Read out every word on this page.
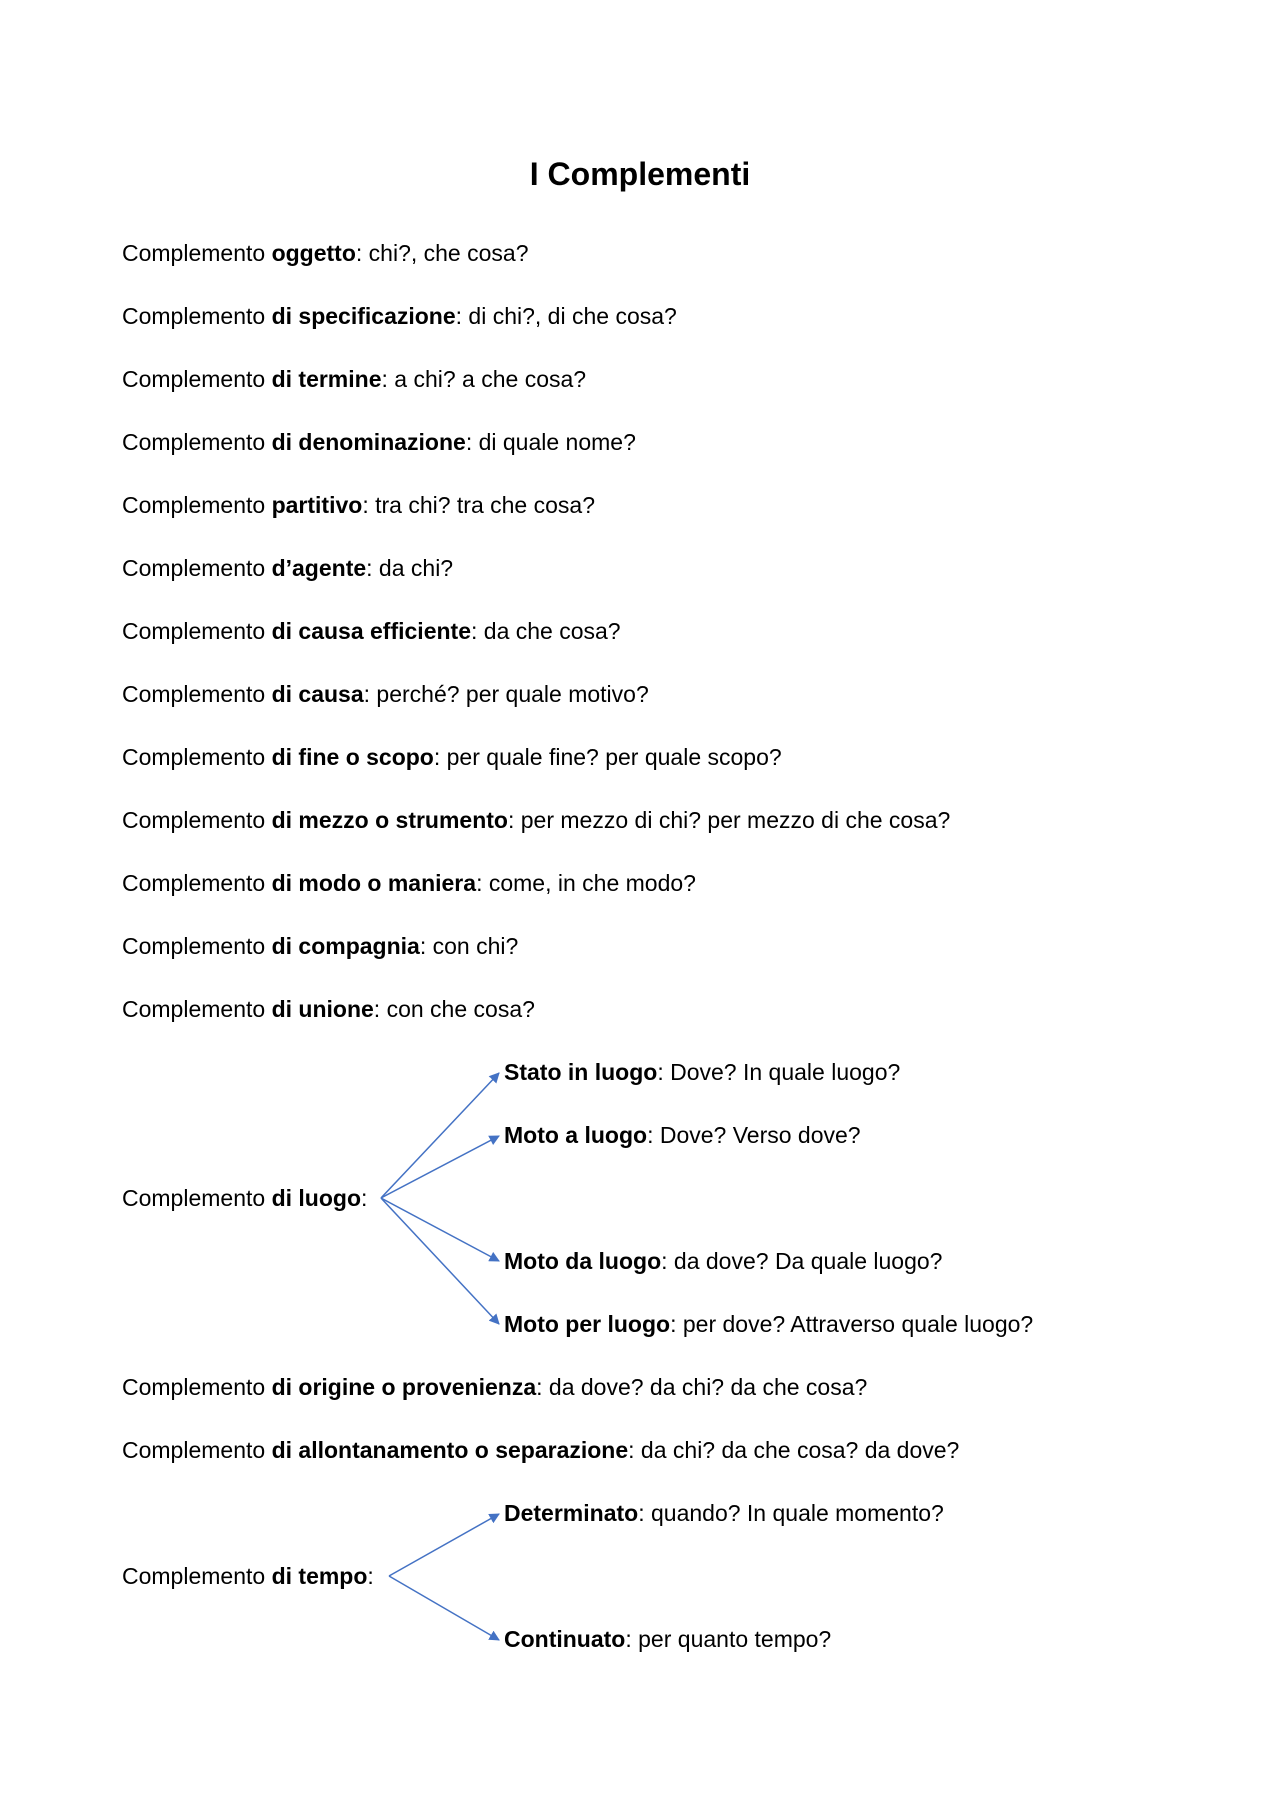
I Complementi
Complemento oggetto: chi?, che cosa?
Complemento di specificazione: di chi?, di che cosa?
Complemento di termine: a chi? a che cosa?
Complemento di denominazione: di quale nome?
Complemento partitivo: tra chi? tra che cosa?
Complemento d’agente: da chi?
Complemento di causa efficiente: da che cosa?
Complemento di causa: perché? per quale motivo?
Complemento di fine o scopo: per quale fine? per quale scopo?
Complemento di mezzo o strumento: per mezzo di chi? per mezzo di che cosa?
Complemento di modo o maniera: come, in che modo?
Complemento di compagnia: con chi?
Complemento di unione: con che cosa?
Stato in luogo: Dove? In quale luogo?
Moto a luogo: Dove? Verso dove?
Complemento di luogo:
Moto da luogo: da dove? Da quale luogo?
Moto per luogo: per dove? Attraverso quale luogo?
Complemento di origine o provenienza: da dove? da chi? da che cosa?
Complemento di allontanamento o separazione: da chi? da che cosa? da dove?
Determinato: quando? In quale momento?
Complemento di tempo:
Continuato: per quanto tempo?
